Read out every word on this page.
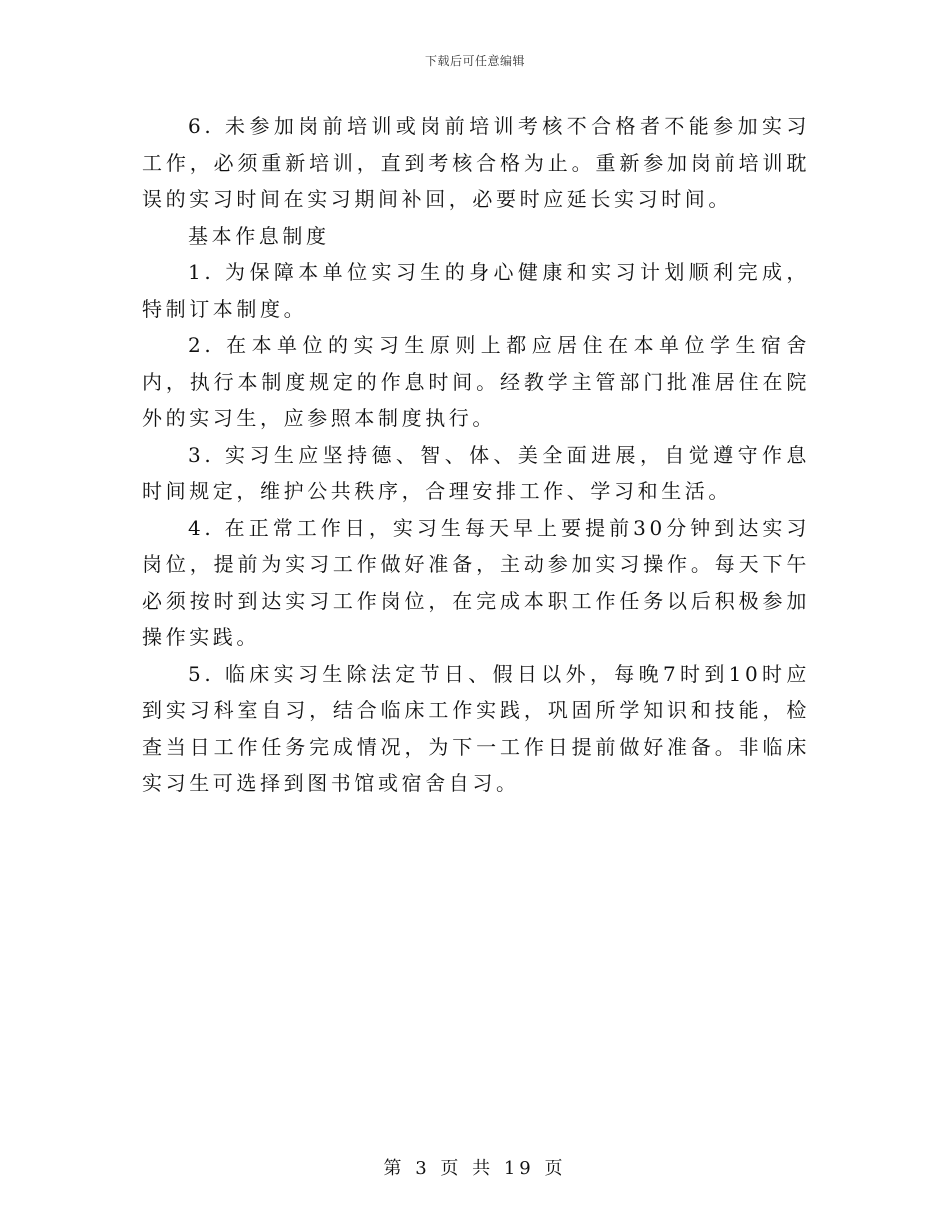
下载后可任意编辑

6. 未参加岗前培训或岗前培训考核不合格者不能参加实习工作，必须重新培训，直到考核合格为止。重新参加岗前培训耽误的实习时间在实习期间补回，必要时应延长实习时间。

基本作息制度

1. 为保障本单位实习生的身心健康和实习计划顺利完成，特制订本制度。

2. 在本单位的实习生原则上都应居住在本单位学生宿舍内，执行本制度规定的作息时间。经教学主管部门批准居住在院外的实习生，应参照本制度执行。

3. 实习生应坚持德、智、体、美全面进展，自觉遵守作息时间规定，维护公共秩序，合理安排工作、学习和生活。

4. 在正常工作日，实习生每天早上要提前30分钟到达实习岗位，提前为实习工作做好准备，主动参加实习操作。每天下午必须按时到达实习工作岗位，在完成本职工作任务以后积极参加操作实践。

5. 临床实习生除法定节日、假日以外，每晚7时到10时应到实习科室自习，结合临床工作实践，巩固所学知识和技能，检查当日工作任务完成情况，为下一工作日提前做好准备。非临床实习生可选择到图书馆或宿舍自习。

第 3 页 共 19 页
